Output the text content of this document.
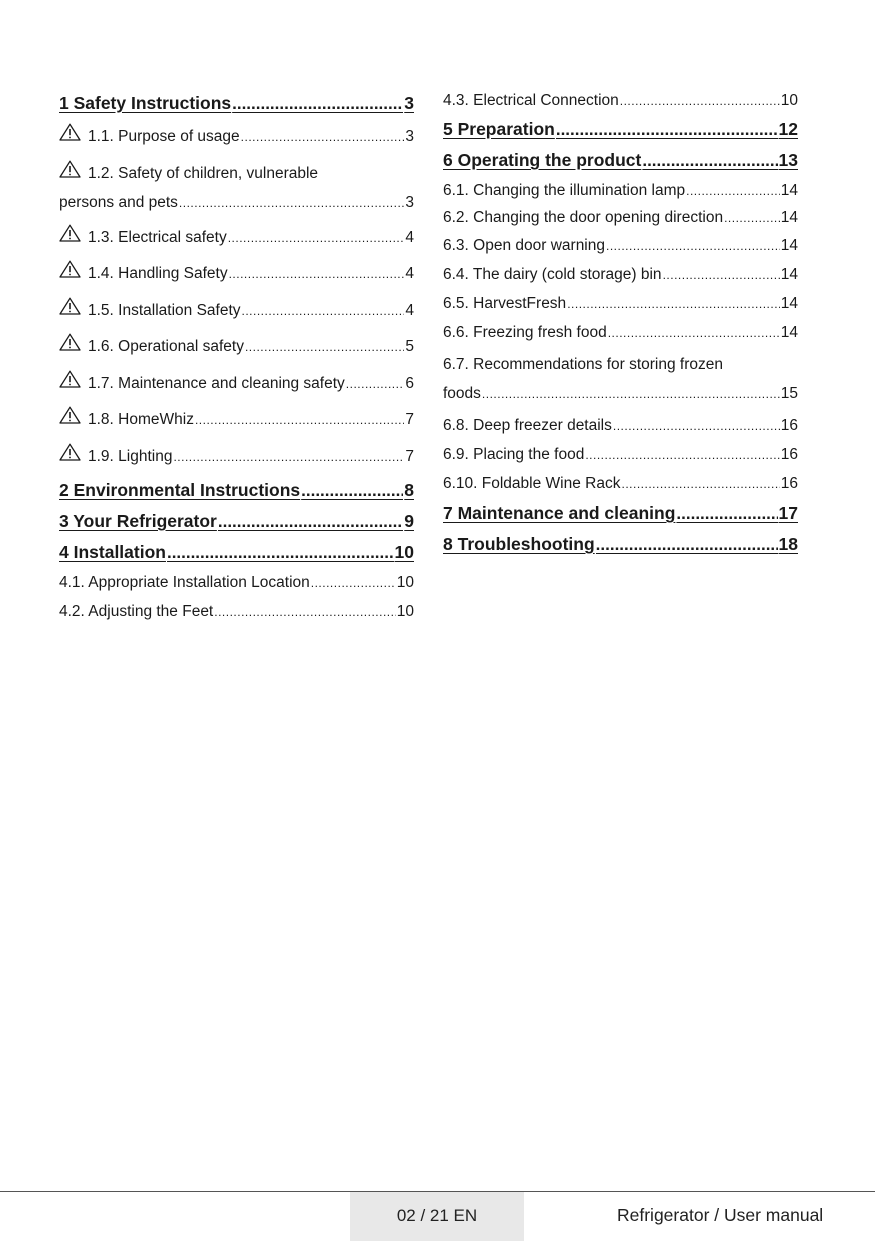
1 Safety Instructions .....	3
1.1. Purpose of usage .....	3
1.2. Safety of children, vulnerable
persons and pets .....	3
1.3. Electrical safety .....	4
1.4. Handling Safety .....	4
1.5. Installation Safety .....	4
1.6. Operational safety .....	5
1.7. Maintenance and cleaning safety .....	6
1.8. HomeWhiz .....	7
1.9. Lighting .....	7
2 Environmental Instructions .....	8
3 Your Refrigerator .....	9
4 Installation .....	10
4.1. Appropriate Installation Location .....	10
4.2. Adjusting the Feet .....	10
4.3. Electrical Connection .....	10
5 Preparation .....	12
6 Operating the product .....	13
6.1. Changing the illumination lamp .....	14
6.2. Changing the door opening direction .....	14
6.3. Open door warning .....	14
6.4. The dairy (cold storage) bin .....	14
6.5. HarvestFresh .....	14
6.6. Freezing fresh food .....	14
6.7. Recommendations for storing frozen
foods .....	15
6.8. Deep freezer details .....	16
6.9. Placing the food .....	16
6.10. Foldable Wine Rack .....	16
7 Maintenance and cleaning .....	17
8 Troubleshooting .....	18
02 / 21 EN	Refrigerator / User manual
